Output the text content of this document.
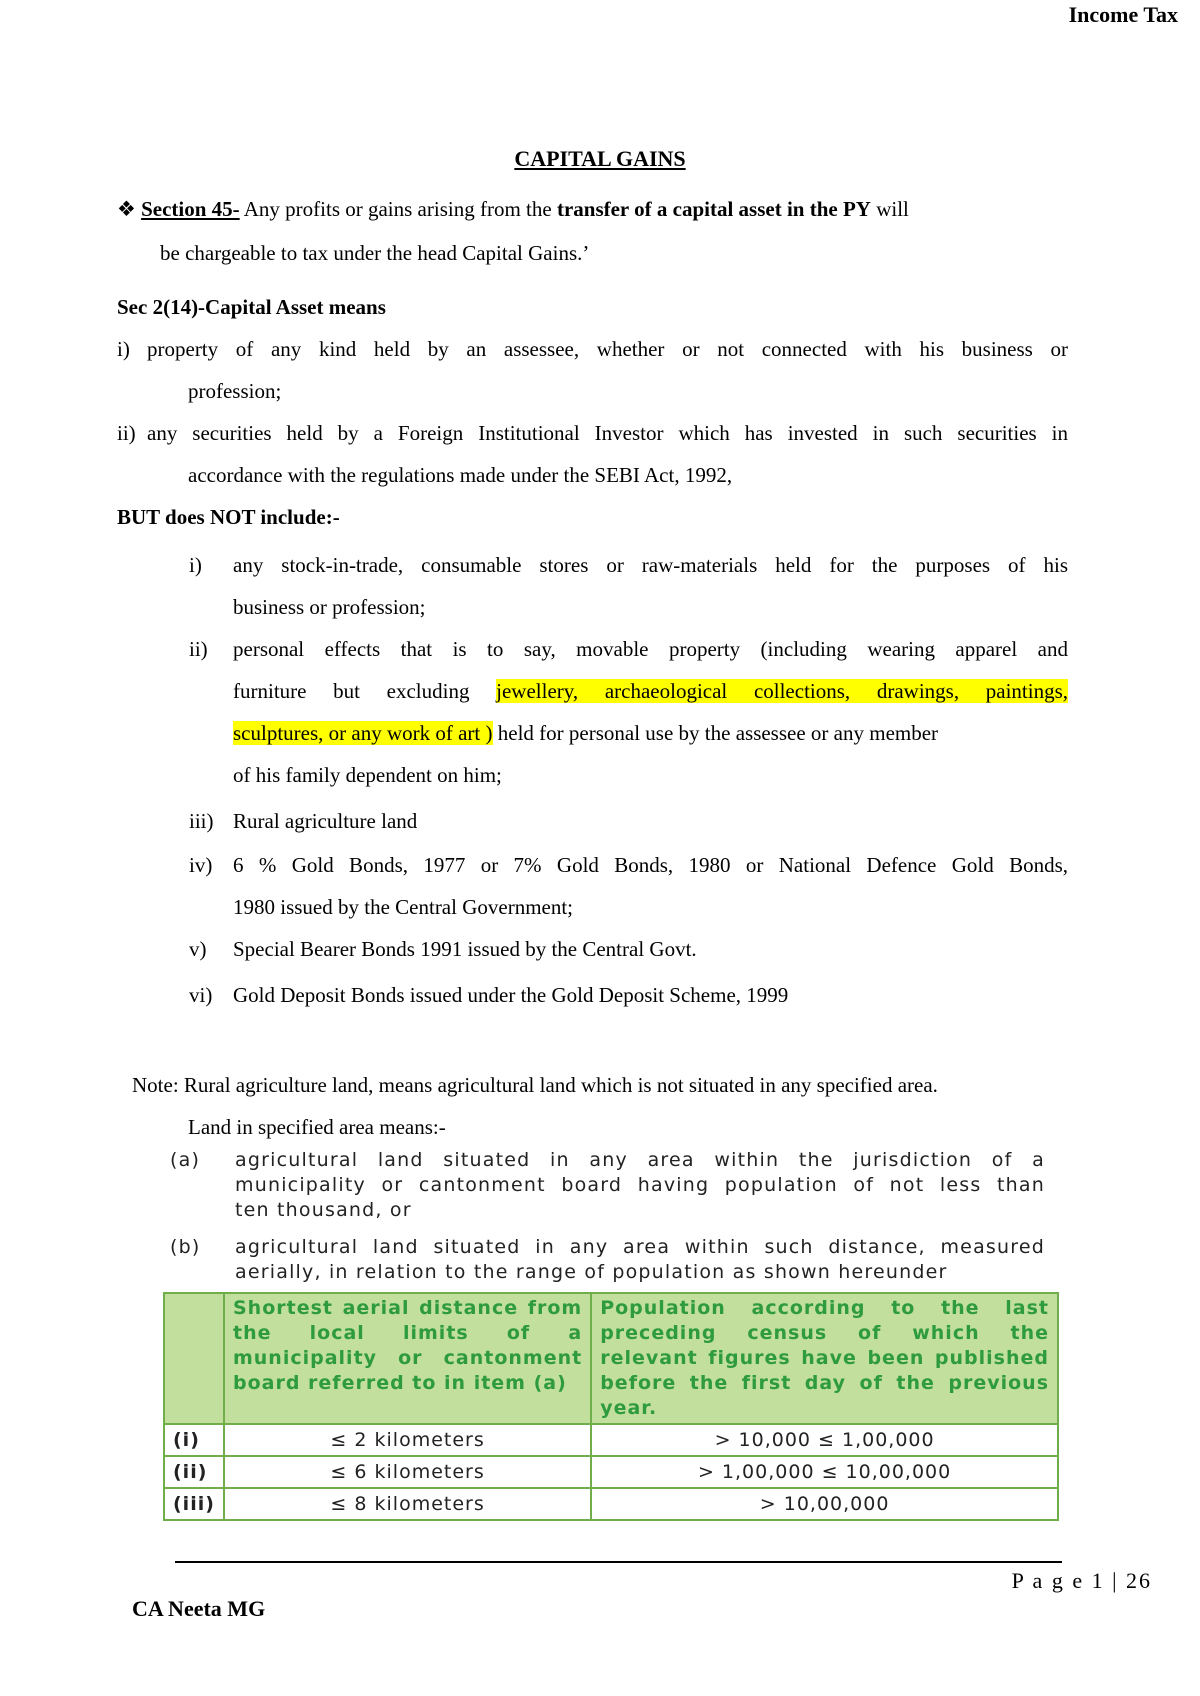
Income Tax
CAPITAL GAINS
❖ Section 45- Any profits or gains arising from the transfer of a capital asset in the PY will
be chargeable to tax under the head Capital Gains.’
Sec 2(14)-Capital Asset means
i) property of any kind held by an assessee, whether or not connected with his business or
profession;
ii) any securities held by a Foreign Institutional Investor which has invested in such securities in
accordance with the regulations made under the SEBI Act, 1992,
BUT does NOT include:-
i) any stock-in-trade, consumable stores or raw-materials held for the purposes of his
business or profession;
ii) personal effects that is to say, movable property (including wearing apparel and
furniture but excluding jewellery, archaeological collections, drawings, paintings,
sculptures, or any work of art ) held for personal use by the assessee or any member
of his family dependent on him;
iii) Rural agriculture land
iv) 6 % Gold Bonds, 1977 or 7% Gold Bonds, 1980 or National Defence Gold Bonds,
1980 issued by the Central Government;
v) Special Bearer Bonds 1991 issued by the Central Govt.
vi) Gold Deposit Bonds issued under the Gold Deposit Scheme, 1999
Note: Rural agriculture land, means agricultural land which is not situated in any specified area.
Land in specified area means:-
(a) agricultural land situated in any area within the jurisdiction of a
municipality or cantonment board having population of not less than
ten thousand, or
(b) agricultural land situated in any area within such distance, measured
aerially, in relation to the range of population as shown hereunder
	Shortest aerial distance from the local limits of a municipality or cantonment board referred to in item (a)	Population according to the last preceding census of which the relevant figures have been published before the first day of the previous year.
(i)	≤ 2 kilometers	> 10,000 ≤ 1,00,000
(ii)	≤ 6 kilometers	> 1,00,000 ≤ 10,00,000
(iii)	≤ 8 kilometers	> 10,00,000
P a g e 1 | 26
CA Neeta MG
